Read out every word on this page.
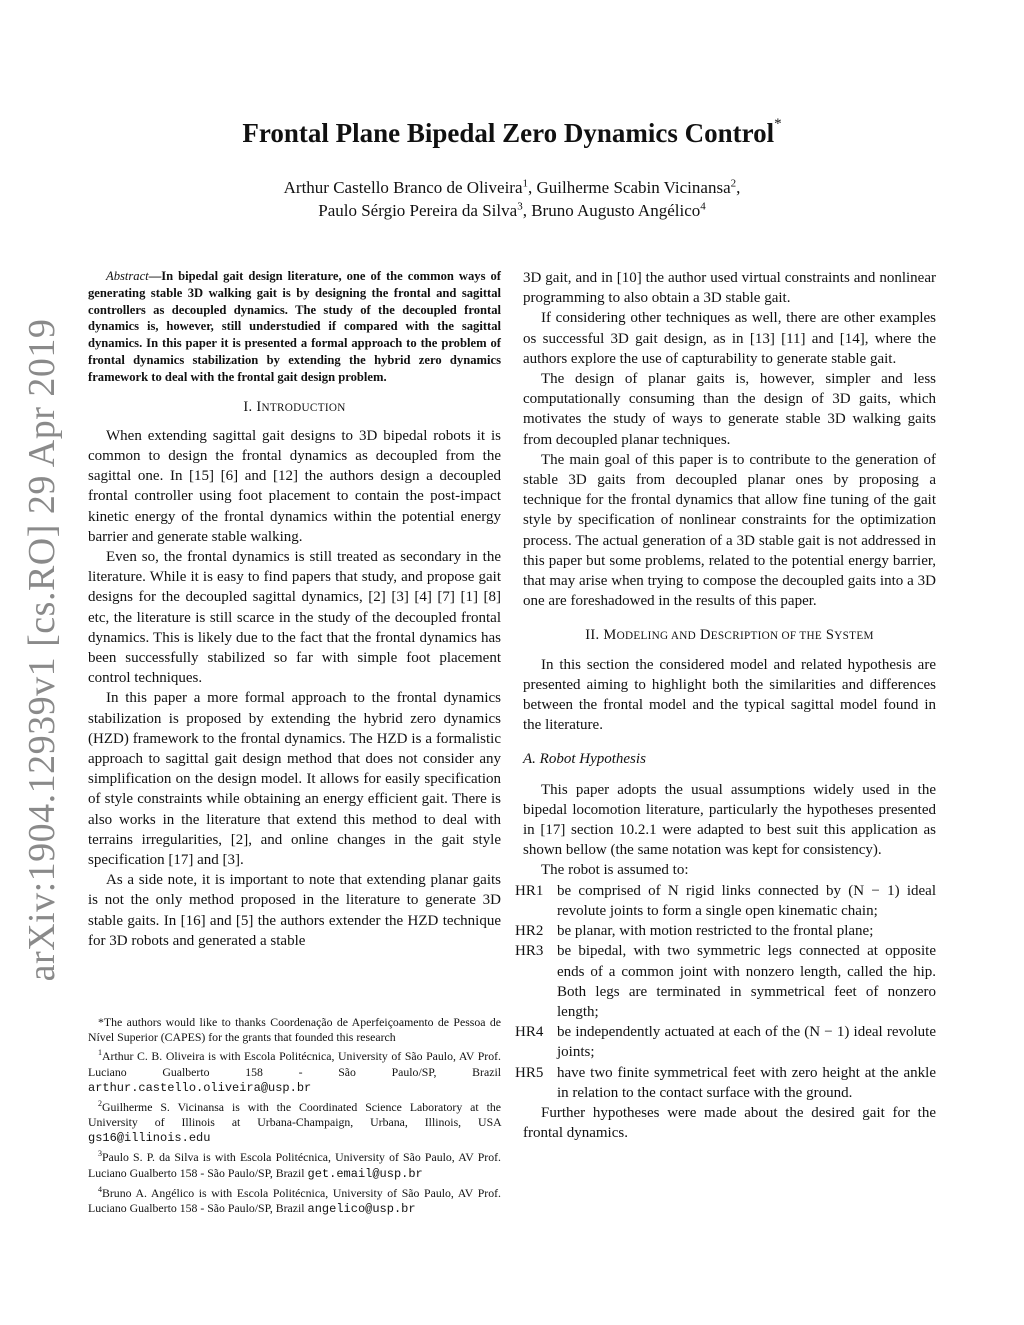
arXiv:1904.12939v1 [cs.RO] 29 Apr 2019
Frontal Plane Bipedal Zero Dynamics Control*
Arthur Castello Branco de Oliveira$^1$, Guilherme Scabin Vicinansa$^2$,
Paulo Sérgio Pereira da Silva$^3$, Bruno Augusto Angélico$^4$
Abstract—In bipedal gait design literature, one of the common ways of generating stable 3D walking gait is by designing the frontal and sagittal controllers as decoupled dynamics. The study of the decoupled frontal dynamics is, however, still understudied if compared with the sagittal dynamics. In this paper it is presented a formal approach to the problem of frontal dynamics stabilization by extending the hybrid zero dynamics framework to deal with the frontal gait design problem.
I. INTRODUCTION

When extending sagittal gait designs to 3D bipedal robots it is common to design the frontal dynamics as decoupled from the sagittal one. In [15] [6] and [12] the authors design a decoupled frontal controller using foot placement to contain the post-impact kinetic energy of the frontal dynamics within the potential energy barrier and generate stable walking.

Even so, the frontal dynamics is still treated as secondary in the literature. While it is easy to find papers that study, and propose gait designs for the decoupled sagittal dynamics, [2] [3] [4] [7] [1] [8] etc, the literature is still scarce in the study of the decoupled frontal dynamics. This is likely due to the fact that the frontal dynamics has been successfully stabilized so far with simple foot placement control techniques.

In this paper a more formal approach to the frontal dynamics stabilization is proposed by extending the hybrid zero dynamics (HZD) framework to the frontal dynamics. The HZD is a formalistic approach to sagittal gait design method that does not consider any simplification on the design model. It allows for easily specification of style constraints while obtaining an energy efficient gait. There is also works in the literature that extend this method to deal with terrains irregularities, [2], and online changes in the gait style specification [17] and [3].

As a side note, it is important to note that extending planar gaits is not the only method proposed in the literature to generate 3D stable gaits. In [16] and [5] the authors extender the HZD technique for 3D robots and generated a stable

*The authors would like to thanks Coordenação de Aperfeiçoamento de Pessoa de Nível Superior (CAPES) for the grants that founded this research

$^1$Arthur C. B. Oliveira is with Escola Politécnica, University of São Paulo, AV Prof. Luciano Gualberto 158 - São Paulo/SP, Brazil arthur.castello.oliveira@usp.br

$^2$Guilherme S. Vicinansa is with the Coordinated Science Laboratory at the University of Illinois at Urbana-Champaign, Urbana, Illinois, USA gs16@illinois.edu

$^3$Paulo S. P. da Silva is with Escola Politécnica, University of São Paulo, AV Prof. Luciano Gualberto 158 - São Paulo/SP, Brazil get.email@usp.br

$^4$Bruno A. Angélico is with Escola Politécnica, University of São Paulo, AV Prof. Luciano Gualberto 158 - São Paulo/SP, Brazil angelico@usp.br

3D gait, and in [10] the author used virtual constraints and nonlinear programming to also obtain a 3D stable gait.

If considering other techniques as well, there are other examples os successful 3D gait design, as in [13] [11] and [14], where the authors explore the use of capturability to generate stable gait.

The design of planar gaits is, however, simpler and less computationally consuming than the design of 3D gaits, which motivates the study of ways to generate stable 3D walking gaits from decoupled planar techniques.

The main goal of this paper is to contribute to the generation of stable 3D gaits from decoupled planar ones by proposing a technique for the frontal dynamics that allow fine tuning of the gait style by specification of nonlinear constraints for the optimization process. The actual generation of a 3D stable gait is not addressed in this paper but some problems, related to the potential energy barrier, that may arise when trying to compose the decoupled gaits into a 3D one are foreshadowed in the results of this paper.

II. MODELING AND DESCRIPTION OF THE SYSTEM

In this section the considered model and related hypothesis are presented aiming to highlight both the similarities and differences between the frontal model and the typical sagittal model found in the literature.

A. Robot Hypothesis

This paper adopts the usual assumptions widely used in the bipedal locomotion literature, particularly the hypotheses presented in [17] section 10.2.1 were adapted to best suit this application as shown bellow (the same notation was kept for consistency).

The robot is assumed to:

HR1 be comprised of N rigid links connected by (N − 1) ideal revolute joints to form a single open kinematic chain;
HR2 be planar, with motion restricted to the frontal plane;
HR3 be bipedal, with two symmetric legs connected at opposite ends of a common joint with nonzero length, called the hip. Both legs are terminated in symmetrical feet of nonzero length;
HR4 be independently actuated at each of the (N − 1) ideal revolute joints;
HR5 have two finite symmetrical feet with zero height at the ankle in relation to the contact surface with the ground.

Further hypotheses were made about the desired gait for the frontal dynamics.
